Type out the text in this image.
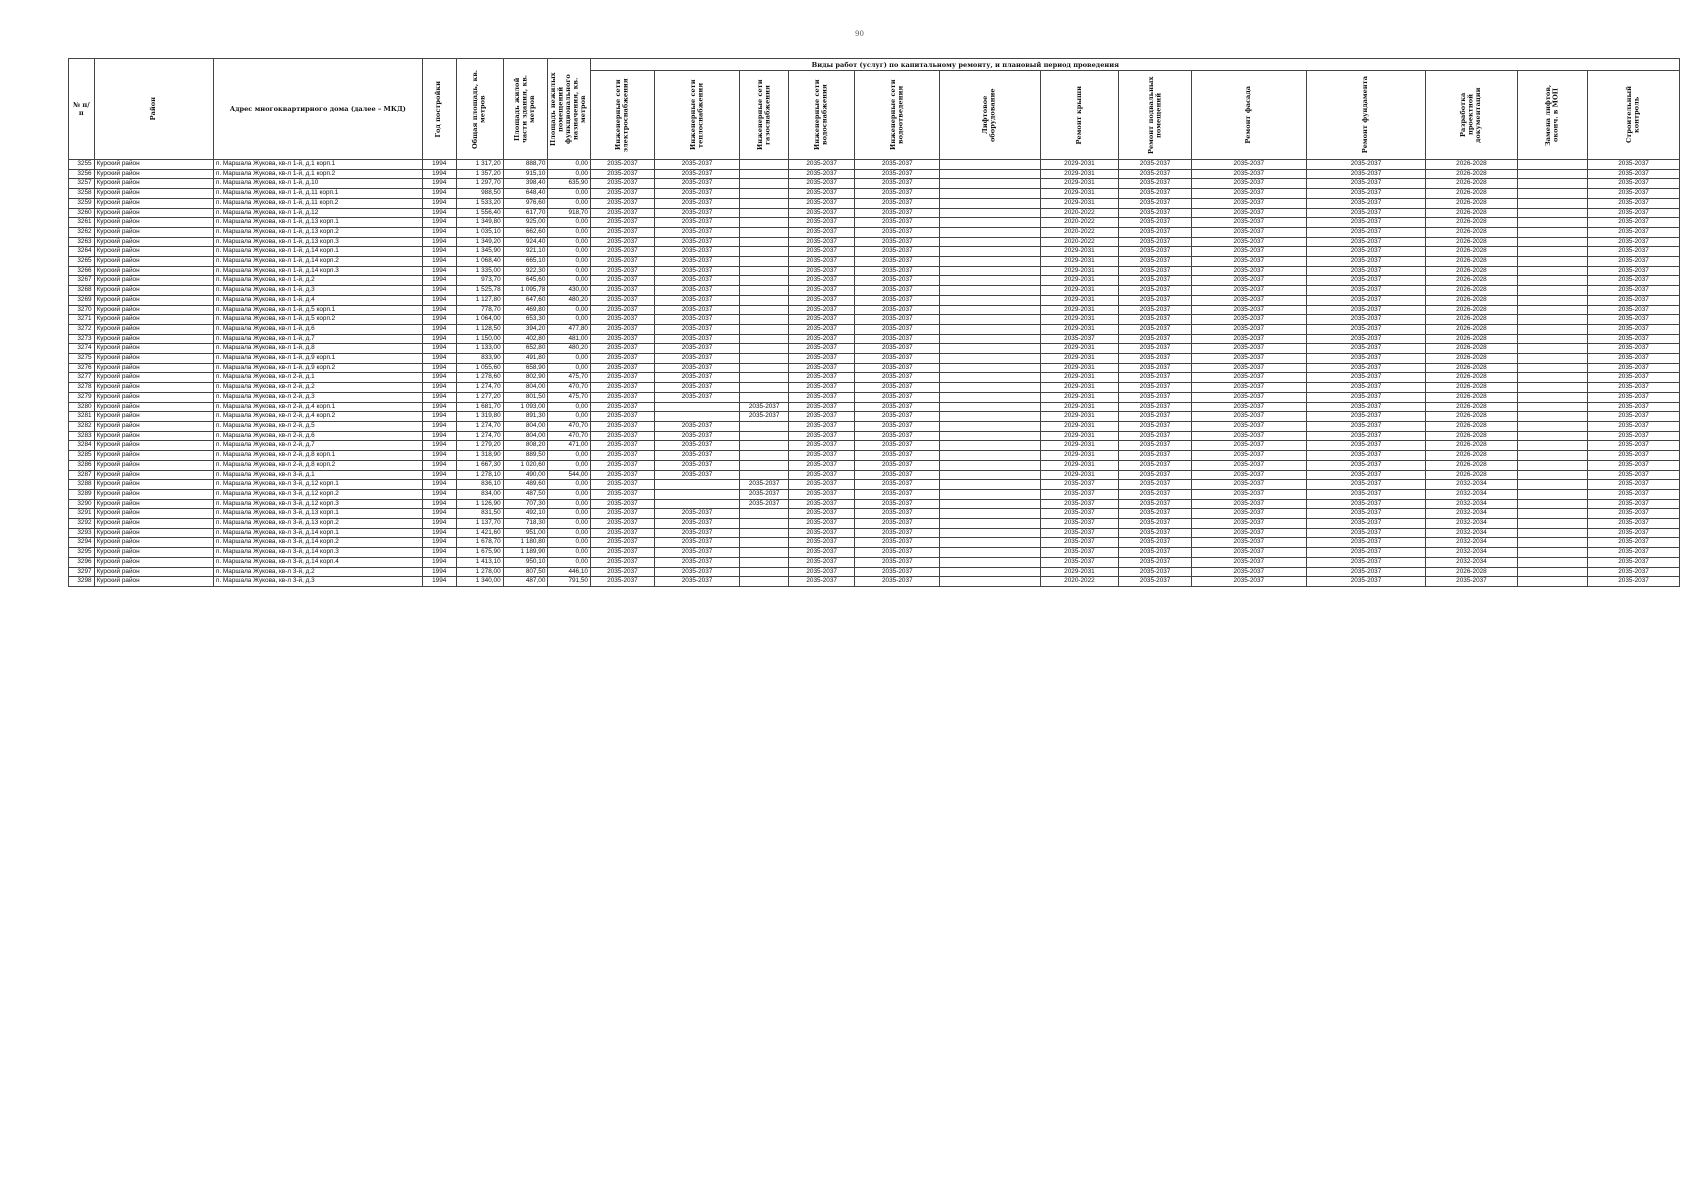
90
№ п/п	Район	Адрес многоквартирного дома (далее – МКД)	Год постройки	Общая площадь, кв. метров	Площадь жилой части здания, кв. метров	Площадь нежилых помещений функционального назначения, кв. метров	Виды работ (услуг) по капитальному ремонту, и плановый период проведения												

							Инженерные сети электроснабжения	Инженерные сети теплоснабжения	Инженерные сети газоснабжения	Инженерные сети водоснабжения	Инженерные сети водоотведения	Лифтовое оборудование	Ремонт крыши	Ремонт подвальных помещений	Ремонт фасада	Ремонт фундамента	Разработка проектной документации	Замена лифтов, оконч. в МОП	Строительный контроль

3255	Курский район	п. Маршала Жукова, кв-л 1-й, д.1 корп.1	1994	1 317,20	888,70	0,00	2035-2037	2035-2037		2035-2037	2035-2037		2029-2031	2035-2037	2035-2037	2035-2037	2026-2028		2035-2037
3256	Курский район	п. Маршала Жукова, кв-л 1-й, д.1 корп.2	1994	1 357,20	915,10	0,00	2035-2037	2035-2037		2035-2037	2035-2037		2029-2031	2035-2037	2035-2037	2035-2037	2026-2028		2035-2037
3257	Курский район	п. Маршала Жукова, кв-л 1-й, д.10	1994	1 297,70	398,40	635,90	2035-2037	2035-2037		2035-2037	2035-2037		2029-2031	2035-2037	2035-2037	2035-2037	2026-2028		2035-2037
3258	Курский район	п. Маршала Жукова, кв-л 1-й, д.11 корп.1	1994	988,50	648,40	0,00	2035-2037	2035-2037		2035-2037	2035-2037		2029-2031	2035-2037	2035-2037	2035-2037	2026-2028		2035-2037
3259	Курский район	п. Маршала Жукова, кв-л 1-й, д.11 корп.2	1994	1 533,20	976,60	0,00	2035-2037	2035-2037		2035-2037	2035-2037		2029-2031	2035-2037	2035-2037	2035-2037	2026-2028		2035-2037
3260	Курский район	п. Маршала Жукова, кв-л 1-й, д.12	1994	1 556,40	617,70	918,70	2035-2037	2035-2037		2035-2037	2035-2037		2020-2022	2035-2037	2035-2037	2035-2037	2026-2028		2035-2037
3261	Курский район	п. Маршала Жукова, кв-л 1-й, д.13 корп.1	1994	1 349,80	925,00	0,00	2035-2037	2035-2037		2035-2037	2035-2037		2020-2022	2035-2037	2035-2037	2035-2037	2026-2028		2035-2037
3262	Курский район	п. Маршала Жукова, кв-л 1-й, д.13 корп.2	1994	1 035,10	662,60	0,00	2035-2037	2035-2037		2035-2037	2035-2037		2020-2022	2035-2037	2035-2037	2035-2037	2026-2028		2035-2037
3263	Курский район	п. Маршала Жукова, кв-л 1-й, д.13 корп.3	1994	1 349,20	924,40	0,00	2035-2037	2035-2037		2035-2037	2035-2037		2020-2022	2035-2037	2035-2037	2035-2037	2026-2028		2035-2037
3264	Курский район	п. Маршала Жукова, кв-л 1-й, д.14 корп.1	1994	1 345,90	921,10	0,00	2035-2037	2035-2037		2035-2037	2035-2037		2029-2031	2035-2037	2035-2037	2035-2037	2026-2028		2035-2037
3265	Курский район	п. Маршала Жукова, кв-л 1-й, д.14 корп.2	1994	1 068,40	665,10	0,00	2035-2037	2035-2037		2035-2037	2035-2037		2029-2031	2035-2037	2035-2037	2035-2037	2026-2028		2035-2037
3266	Курский район	п. Маршала Жукова, кв-л 1-й, д.14 корп.3	1994	1 335,00	922,30	0,00	2035-2037	2035-2037		2035-2037	2035-2037		2029-2031	2035-2037	2035-2037	2035-2037	2026-2028		2035-2037
3267	Курский район	п. Маршала Жукова, кв-л 1-й, д.2	1994	973,70	645,60	0,00	2035-2037	2035-2037		2035-2037	2035-2037		2029-2031	2035-2037	2035-2037	2035-2037	2026-2028		2035-2037
3268	Курский район	п. Маршала Жукова, кв-л 1-й, д.3	1994	1 525,78	1 095,78	430,00	2035-2037	2035-2037		2035-2037	2035-2037		2029-2031	2035-2037	2035-2037	2035-2037	2026-2028		2035-2037
3269	Курский район	п. Маршала Жукова, кв-л 1-й, д.4	1994	1 127,80	647,60	480,20	2035-2037	2035-2037		2035-2037	2035-2037		2029-2031	2035-2037	2035-2037	2035-2037	2026-2028		2035-2037
3270	Курский район	п. Маршала Жукова, кв-л 1-й, д.5 корп.1	1994	778,70	469,80	0,00	2035-2037	2035-2037		2035-2037	2035-2037		2029-2031	2035-2037	2035-2037	2035-2037	2026-2028		2035-2037
3271	Курский район	п. Маршала Жукова, кв-л 1-й, д.5 корп.2	1994	1 064,00	653,30	0,00	2035-2037	2035-2037		2035-2037	2035-2037		2029-2031	2035-2037	2035-2037	2035-2037	2026-2028		2035-2037
3272	Курский район	п. Маршала Жукова, кв-л 1-й, д.6	1994	1 128,50	394,20	477,80	2035-2037	2035-2037		2035-2037	2035-2037		2029-2031	2035-2037	2035-2037	2035-2037	2026-2028		2035-2037
3273	Курский район	п. Маршала Жукова, кв-л 1-й, д.7	1994	1 150,00	402,80	481,00	2035-2037	2035-2037		2035-2037	2035-2037		2035-2037	2035-2037	2035-2037	2035-2037	2026-2028		2035-2037
3274	Курский район	п. Маршала Жукова, кв-л 1-й, д.8	1994	1 133,00	652,80	480,20	2035-2037	2035-2037		2035-2037	2035-2037		2029-2031	2035-2037	2035-2037	2035-2037	2026-2028		2035-2037
3275	Курский район	п. Маршала Жукова, кв-л 1-й, д.9 корп.1	1994	833,90	491,80	0,00	2035-2037	2035-2037		2035-2037	2035-2037		2029-2031	2035-2037	2035-2037	2035-2037	2026-2028		2035-2037
3276	Курский район	п. Маршала Жукова, кв-л 1-й, д.9 корп.2	1994	1 055,60	658,90	0,00	2035-2037	2035-2037		2035-2037	2035-2037		2029-2031	2035-2037	2035-2037	2035-2037	2026-2028		2035-2037
3277	Курский район	п. Маршала Жукова, кв-л 2-й, д.1	1994	1 278,60	802,90	475,70	2035-2037	2035-2037		2035-2037	2035-2037		2029-2031	2035-2037	2035-2037	2035-2037	2026-2028		2035-2037
3278	Курский район	п. Маршала Жукова, кв-л 2-й, д.2	1994	1 274,70	804,00	470,70	2035-2037	2035-2037		2035-2037	2035-2037		2029-2031	2035-2037	2035-2037	2035-2037	2026-2028		2035-2037
3279	Курский район	п. Маршала Жукова, кв-л 2-й, д.3	1994	1 277,20	801,50	475,70	2035-2037	2035-2037		2035-2037	2035-2037		2029-2031	2035-2037	2035-2037	2035-2037	2026-2028		2035-2037
3280	Курский район	п. Маршала Жукова, кв-л 2-й, д.4 корп.1	1994	1 681,70	1 093,00	0,00	2035-2037		2035-2037	2035-2037	2035-2037		2029-2031	2035-2037	2035-2037	2035-2037	2026-2028		2035-2037
3281	Курский район	п. Маршала Жукова, кв-л 2-й, д.4 корп.2	1994	1 319,80	891,30	0,00	2035-2037		2035-2037	2035-2037	2035-2037		2029-2031	2035-2037	2035-2037	2035-2037	2026-2028		2035-2037
3282	Курский район	п. Маршала Жукова, кв-л 2-й, д.5	1994	1 274,70	804,00	470,70	2035-2037	2035-2037		2035-2037	2035-2037		2029-2031	2035-2037	2035-2037	2035-2037	2026-2028		2035-2037
3283	Курский район	п. Маршала Жукова, кв-л 2-й, д.6	1994	1 274,70	804,00	470,70	2035-2037	2035-2037		2035-2037	2035-2037		2029-2031	2035-2037	2035-2037	2035-2037	2026-2028		2035-2037
3284	Курский район	п. Маршала Жукова, кв-л 2-й, д.7	1994	1 279,20	808,20	471,00	2035-2037	2035-2037		2035-2037	2035-2037		2029-2031	2035-2037	2035-2037	2035-2037	2026-2028		2035-2037
3285	Курский район	п. Маршала Жукова, кв-л 2-й, д.8 корп.1	1994	1 318,90	889,50	0,00	2035-2037	2035-2037		2035-2037	2035-2037		2029-2031	2035-2037	2035-2037	2035-2037	2026-2028		2035-2037
3286	Курский район	п. Маршала Жукова, кв-л 2-й, д.8 корп.2	1994	1 667,30	1 020,60	0,00	2035-2037	2035-2037		2035-2037	2035-2037		2029-2031	2035-2037	2035-2037	2035-2037	2026-2028		2035-2037
3287	Курский район	п. Маршала Жукова, кв-л 3-й, д.1	1994	1 278,10	490,00	544,00	2035-2037	2035-2037		2035-2037	2035-2037		2029-2031	2035-2037	2035-2037	2035-2037	2026-2028		2035-2037
3288	Курский район	п. Маршала Жукова, кв-л 3-й, д.12 корп.1	1994	836,10	489,60	0,00	2035-2037		2035-2037	2035-2037	2035-2037		2035-2037	2035-2037	2035-2037	2035-2037	2032-2034		2035-2037
3289	Курский район	п. Маршала Жукова, кв-л 3-й, д.12 корп.2	1994	834,00	487,50	0,00	2035-2037		2035-2037	2035-2037	2035-2037		2035-2037	2035-2037	2035-2037	2035-2037	2032-2034		2035-2037
3290	Курский район	п. Маршала Жукова, кв-л 3-й, д.12 корп.3	1994	1 126,90	707,30	0,00	2035-2037		2035-2037	2035-2037	2035-2037		2035-2037	2035-2037	2035-2037	2035-2037	2032-2034		2035-2037
3291	Курский район	п. Маршала Жукова, кв-л 3-й, д.13 корп.1	1994	831,50	492,10	0,00	2035-2037	2035-2037		2035-2037	2035-2037		2035-2037	2035-2037	2035-2037	2035-2037	2032-2034		2035-2037
3292	Курский район	п. Маршала Жукова, кв-л 3-й, д.13 корп.2	1994	1 137,70	718,30	0,00	2035-2037	2035-2037		2035-2037	2035-2037		2035-2037	2035-2037	2035-2037	2035-2037	2032-2034		2035-2037
3293	Курский район	п. Маршала Жукова, кв-л 3-й, д.14 корп.1	1994	1 421,60	951,00	0,00	2035-2037	2035-2037		2035-2037	2035-2037		2035-2037	2035-2037	2035-2037	2035-2037	2032-2034		2035-2037
3294	Курский район	п. Маршала Жукова, кв-л 3-й, д.14 корп.2	1994	1 678,70	1 180,80	0,00	2035-2037	2035-2037		2035-2037	2035-2037		2035-2037	2035-2037	2035-2037	2035-2037	2032-2034		2035-2037
3295	Курский район	п. Маршала Жукова, кв-л 3-й, д.14 корп.3	1994	1 675,90	1 189,90	0,00	2035-2037	2035-2037		2035-2037	2035-2037		2035-2037	2035-2037	2035-2037	2035-2037	2032-2034		2035-2037
3296	Курский район	п. Маршала Жукова, кв-л 3-й, д.14 корп.4	1994	1 413,10	950,10	0,00	2035-2037	2035-2037		2035-2037	2035-2037		2035-2037	2035-2037	2035-2037	2035-2037	2032-2034		2035-2037
3297	Курский район	п. Маршала Жукова, кв-л 3-й, д.2	1994	1 278,00	807,50	446,10	2035-2037	2035-2037		2035-2037	2035-2037		2029-2031	2035-2037	2035-2037	2035-2037	2026-2028		2035-2037
3298	Курский район	п. Маршала Жукова, кв-л 3-й, д.3	1994	1 340,00	487,00	791,50	2035-2037	2035-2037		2035-2037	2035-2037		2020-2022	2035-2037	2035-2037	2035-2037	2035-2037		2035-2037
